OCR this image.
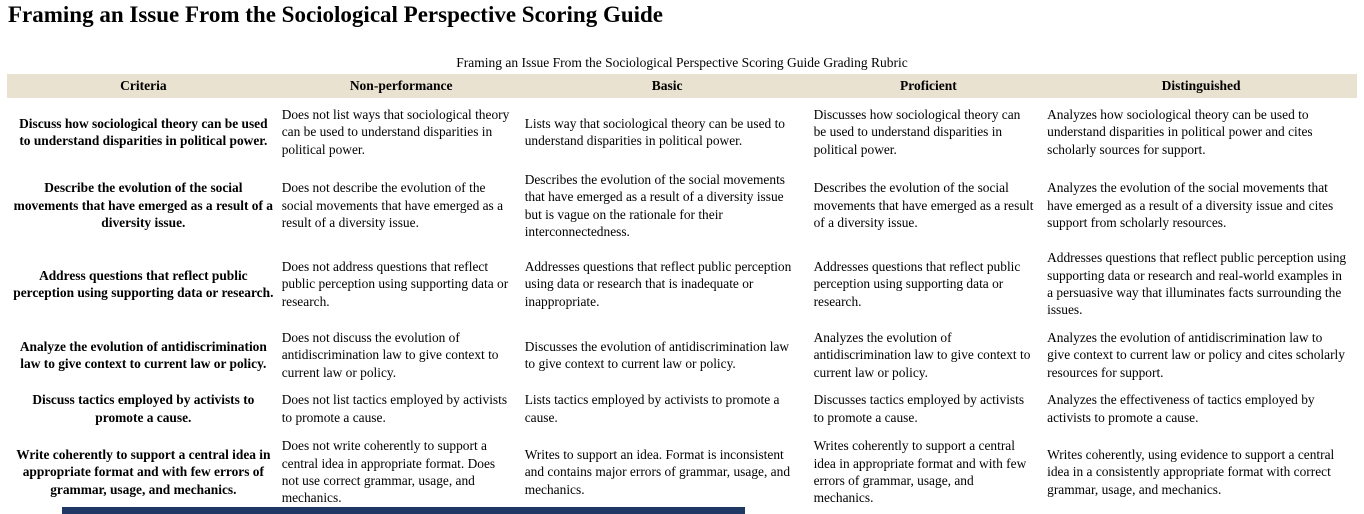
Framing an Issue From the Sociological Perspective Scoring Guide
Framing an Issue From the Sociological Perspective Scoring Guide Grading Rubric
Criteria	Non-performance	Basic	Proficient	Distinguished
Discuss how sociological theory can be used to understand disparities in political power.	Does not list ways that sociological theory can be used to understand disparities in political power.	Lists way that sociological theory can be used to understand disparities in political power.	Discusses how sociological theory can be used to understand disparities in political power.	Analyzes how sociological theory can be used to understand disparities in political power and cites scholarly sources for support.
Describe the evolution of the social movements that have emerged as a result of a diversity issue.	Does not describe the evolution of the social movements that have emerged as a result of a diversity issue.	Describes the evolution of the social movements that have emerged as a result of a diversity issue but is vague on the rationale for their interconnectedness.	Describes the evolution of the social movements that have emerged as a result of a diversity issue.	Analyzes the evolution of the social movements that have emerged as a result of a diversity issue and cites support from scholarly resources.
Address questions that reflect public perception using supporting data or research.	Does not address questions that reflect public perception using supporting data or research.	Addresses questions that reflect public perception using data or research that is inadequate or inappropriate.	Addresses questions that reflect public perception using supporting data or research.	Addresses questions that reflect public perception using supporting data or research and real-world examples in a persuasive way that illuminates facts surrounding the issues.
Analyze the evolution of antidiscrimination law to give context to current law or policy.	Does not discuss the evolution of antidiscrimination law to give context to current law or policy.	Discusses the evolution of antidiscrimination law to give context to current law or policy.	Analyzes the evolution of antidiscrimination law to give context to current law or policy.	Analyzes the evolution of antidiscrimination law to give context to current law or policy and cites scholarly resources for support.
Discuss tactics employed by activists to promote a cause.	Does not list tactics employed by activists to promote a cause.	Lists tactics employed by activists to promote a cause.	Discusses tactics employed by activists to promote a cause.	Analyzes the effectiveness of tactics employed by activists to promote a cause.
Write coherently to support a central idea in appropriate format and with few errors of grammar, usage, and mechanics.	Does not write coherently to support a central idea in appropriate format. Does not use correct grammar, usage, and mechanics.	Writes to support an idea. Format is inconsistent and contains major errors of grammar, usage, and mechanics.	Writes coherently to support a central idea in appropriate format and with few errors of grammar, usage, and mechanics.	Writes coherently, using evidence to support a central idea in a consistently appropriate format with correct grammar, usage, and mechanics.
